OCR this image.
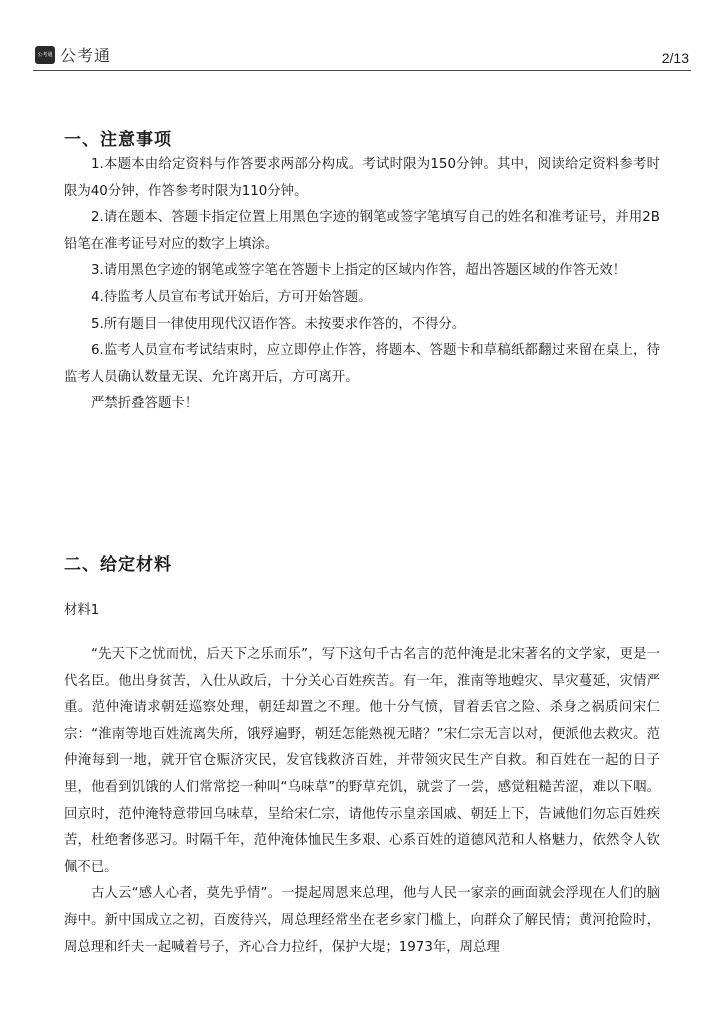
公考通 公考通	2/13
一、注意事项

1.本题本由给定资料与作答要求两部分构成。考试时限为150分钟。其中，阅读给定资料参考时限为40分钟，作答参考时限为110分钟。

2.请在题本、答题卡指定位置上用黑色字迹的钢笔或签字笔填写自己的姓名和准考证号，并用2B铅笔在准考证号对应的数字上填涂。

3.请用黑色字迹的钢笔或签字笔在答题卡上指定的区域内作答，超出答题区域的作答无效！

4.待监考人员宣布考试开始后，方可开始答题。

5.所有题目一律使用现代汉语作答。未按要求作答的，不得分。

6.监考人员宣布考试结束时，应立即停止作答，将题本、答题卡和草稿纸都翻过来留在桌上，待监考人员确认数量无误、允许离开后，方可离开。

严禁折叠答题卡！

二、给定材料

材料1

“先天下之忧而忧，后天下之乐而乐”，写下这句千古名言的范仲淹是北宋著名的文学家，更是一代名臣。他出身贫苦，入仕从政后，十分关心百姓疾苦。有一年，淮南等地蝗灾、旱灾蔓延，灾情严重。范仲淹请求朝廷巡察处理，朝廷却置之不理。他十分气愤，冒着丢官之险、杀身之祸质问宋仁宗：“淮南等地百姓流离失所，饿殍遍野，朝廷怎能熟视无睹？”宋仁宗无言以对，便派他去救灾。范仲淹每到一地，就开官仓赈济灾民，发官钱救济百姓，并带领灾民生产自救。和百姓在一起的日子里，他看到饥饿的人们常常挖一种叫“乌味草”的野草充饥，就尝了一尝，感觉粗糙苦涩，难以下咽。回京时，范仲淹特意带回乌味草，呈给宋仁宗，请他传示皇亲国戚、朝廷上下，告诫他们勿忘百姓疾苦，杜绝奢侈恶习。时隔千年，范仲淹体恤民生多艰、心系百姓的道德风范和人格魅力，依然令人钦佩不已。

古人云“感人心者，莫先乎情”。一提起周恩来总理，他与人民一家亲的画面就会浮现在人们的脑海中。新中国成立之初，百废待兴，周总理经常坐在老乡家门槛上，向群众了解民情；黄河抢险时，周总理和纤夫一起喊着号子，齐心合力拉纤，保护大堤；1973年，周总理
